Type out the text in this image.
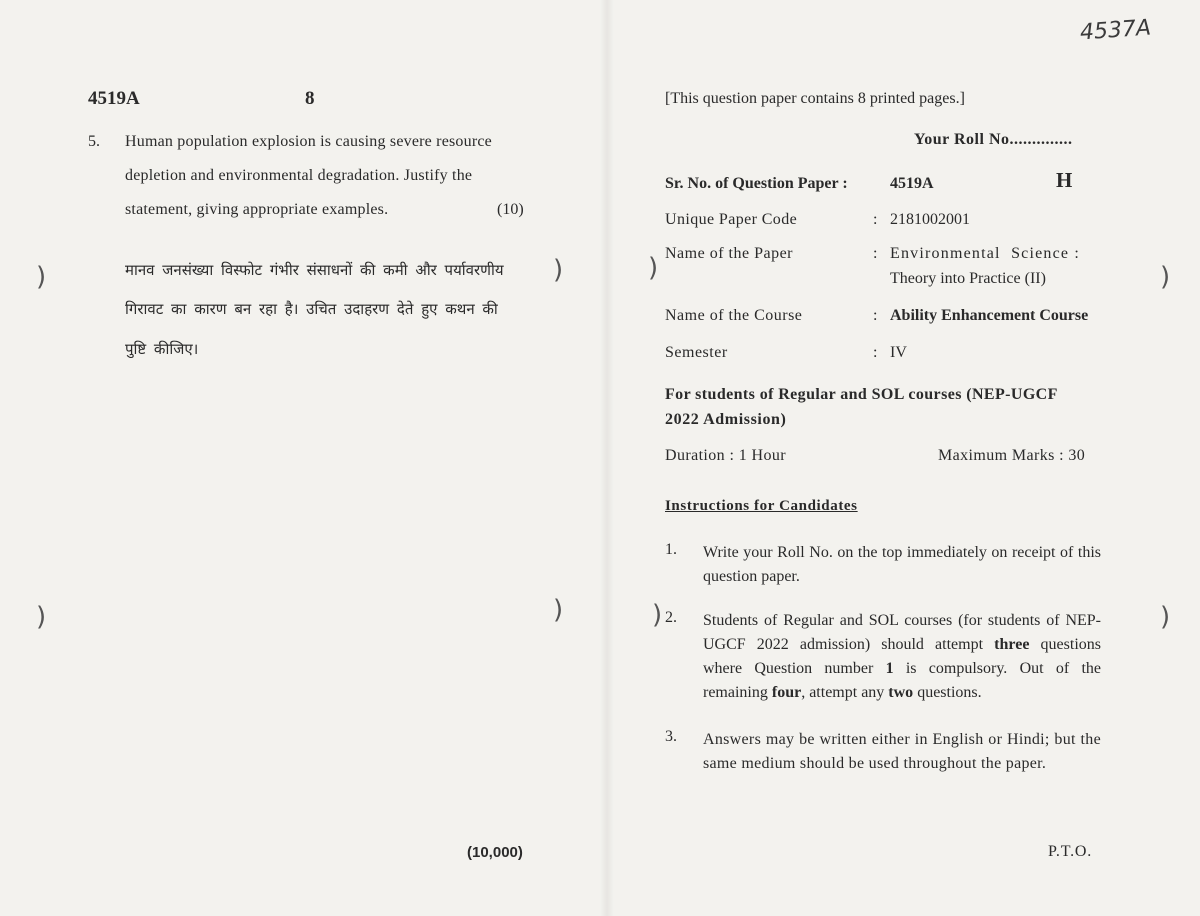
4537A
4519A	8
5. Human population explosion is causing severe resource
depletion and environmental degradation. Justify the
statement, giving appropriate examples.	(10)
मानव जनसंख्या विस्फोट गंभीर संसाधनों की कमी और पर्यावरणीय
गिरावट का कारण बन रहा है। उचित उदाहरण देते हुए कथन की
पुष्टि कीजिए।
(10,000)
)
)
)
)
[This question paper contains 8 printed pages.]
Your Roll No..............
Sr. No. of Question Paper :	4519A	H
Unique Paper Code	: 2181002001
Name of the Paper	: Environmental  Science :
Theory into Practice (II)
Name of the Course	: Ability Enhancement Course
Semester	: IV
For students of Regular and SOL courses (NEP-UGCF
2022 Admission)
Duration : 1 Hour	Maximum Marks : 30
Instructions for Candidates
1. Write your Roll No. on the top immediately on receipt of this question paper.
2. Students of Regular and SOL courses (for students of NEP-UGCF 2022 admission) should attempt three questions where Question number 1 is compulsory. Out of the remaining four, attempt any two questions.
3. Answers may be written either in English or Hindi; but the same medium should be used throughout the paper.
P.T.O.
)
)
)
)
